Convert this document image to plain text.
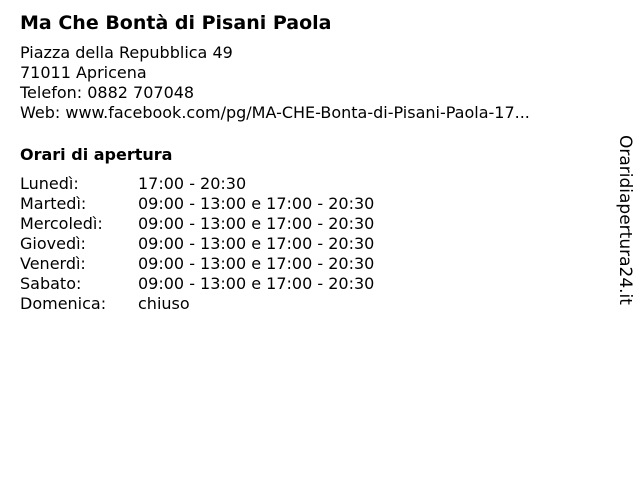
Ma Che Bontà di Pisani Paola
Piazza della Repubblica 49
71011 Apricena
Telefon: 0882 707048
Web: www.facebook.com/pg/MA-CHE-Bonta-di-Pisani-Paola-17...
Orari di apertura
Lunedì:	17:00 - 20:30
Martedì:	09:00 - 13:00 e 17:00 - 20:30
Mercoledì:	09:00 - 13:00 e 17:00 - 20:30
Giovedì:	09:00 - 13:00 e 17:00 - 20:30
Venerdì:	09:00 - 13:00 e 17:00 - 20:30
Sabato:	09:00 - 13:00 e 17:00 - 20:30
Domenica:	chiuso	Oraridiapertura24.it
